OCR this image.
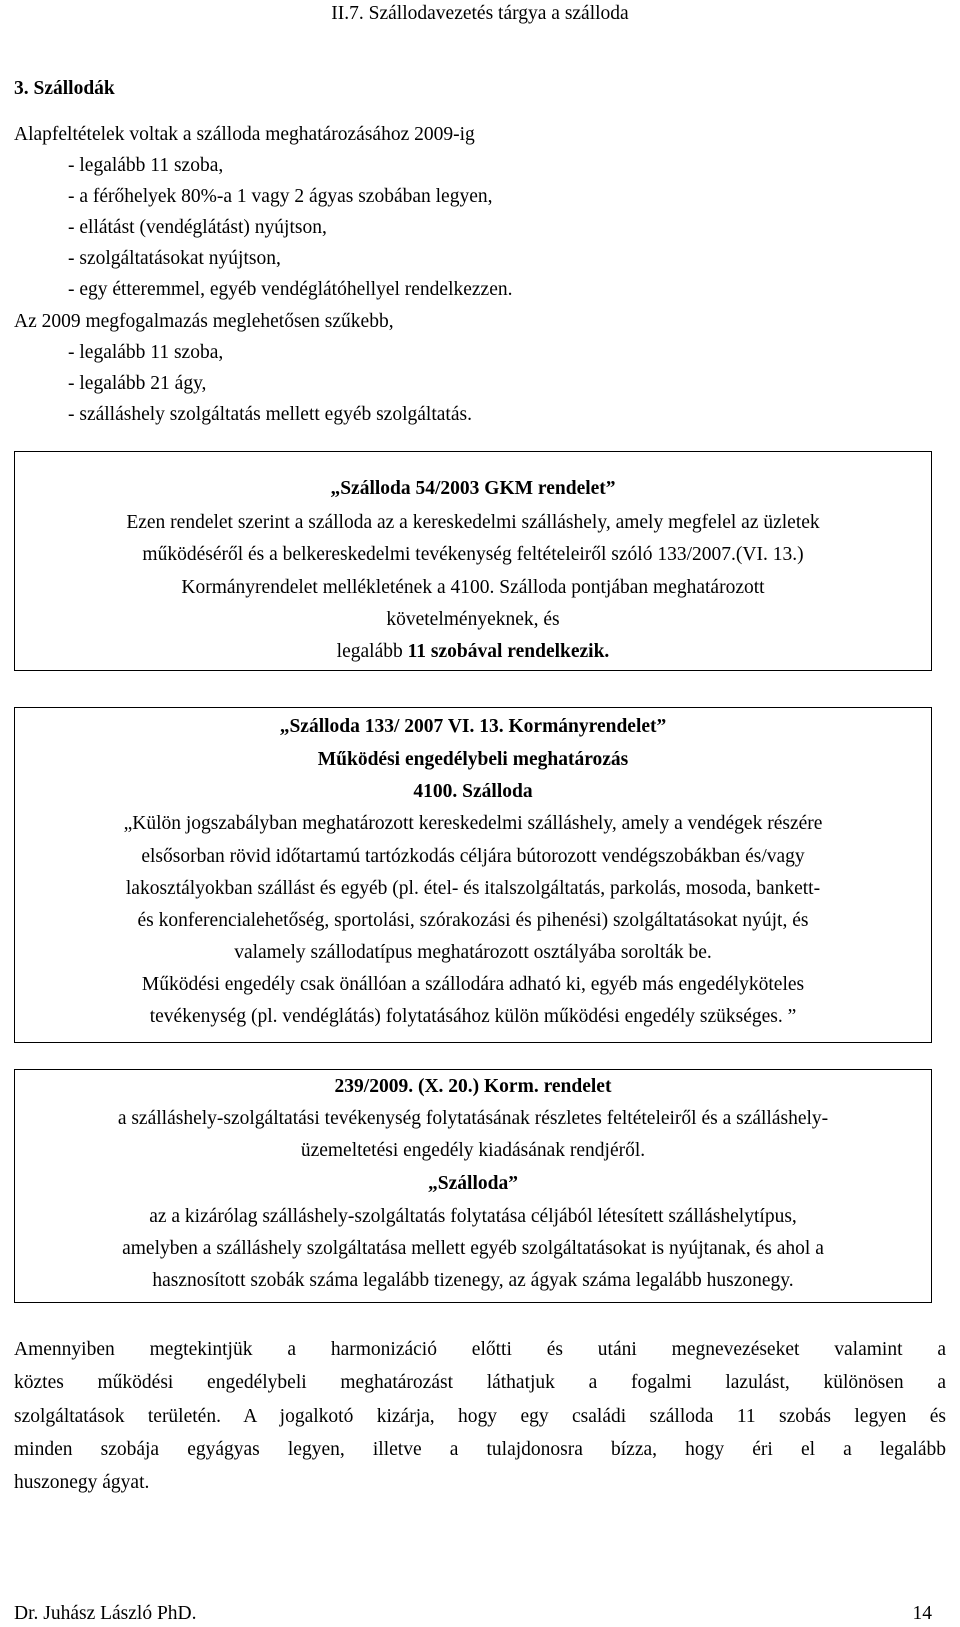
II.7. Szállodavezetés tárgya a szálloda
3. Szállodák
Alapfeltételek voltak a szálloda meghatározásához 2009-ig
- legalább 11 szoba,
- a férőhelyek 80%-a 1 vagy 2 ágyas szobában legyen,
- ellátást (vendéglátást) nyújtson,
- szolgáltatásokat nyújtson,
- egy étteremmel, egyéb vendéglátóhellyel rendelkezzen.
Az 2009 megfogalmazás meglehetősen szűkebb,
- legalább 11 szoba,
- legalább 21 ágy,
- szálláshely szolgáltatás mellett egyéb szolgáltatás.
„Szálloda 54/2003 GKM rendelet”
Ezen rendelet szerint a szálloda az a kereskedelmi szálláshely, amely megfelel az üzletek
működéséről és a belkereskedelmi tevékenység feltételeiről szóló 133/2007.(VI. 13.)
Kormányrendelet mellékletének a 4100. Szálloda pontjában meghatározott
követelményeknek, és
legalább 11 szobával rendelkezik.
„Szálloda 133/ 2007 VI. 13. Kormányrendelet”
Működési engedélybeli meghatározás
4100. Szálloda
„Külön jogszabályban meghatározott kereskedelmi szálláshely, amely a vendégek részére
elsősorban rövid időtartamú tartózkodás céljára bútorozott vendégszobákban és/vagy
lakosztályokban szállást és egyéb (pl. étel- és italszolgáltatás, parkolás, mosoda, bankett-
és konferencialehetőség, sportolási, szórakozási és pihenési) szolgáltatásokat nyújt, és
valamely szállodatípus meghatározott osztályába sorolták be.
Működési engedély csak önállóan a szállodára adható ki, egyéb más engedélyköteles
tevékenység (pl. vendéglátás) folytatásához külön működési engedély szükséges. ”
239/2009. (X. 20.) Korm. rendelet
a szálláshely-szolgáltatási tevékenység folytatásának részletes feltételeiről és a szálláshely-
üzemeltetési engedély kiadásának rendjéről.
„Szálloda”
az a kizárólag szálláshely-szolgáltatás folytatása céljából létesített szálláshelytípus,
amelyben a szálláshely szolgáltatása mellett egyéb szolgáltatásokat is nyújtanak, és ahol a
hasznosított szobák száma legalább tizenegy, az ágyak száma legalább huszonegy.
Amennyiben megtekintjük a harmonizáció előtti és utáni megnevezéseket valamint a
köztes működési engedélybeli meghatározást láthatjuk a fogalmi lazulást, különösen a
szolgáltatások területén. A jogalkotó kizárja, hogy egy családi szálloda 11 szobás legyen és
minden szobája egyágyas legyen, illetve a tulajdonosra bízza, hogy éri el a legalább
huszonegy ágyat.
Dr. Juhász László PhD.	14
